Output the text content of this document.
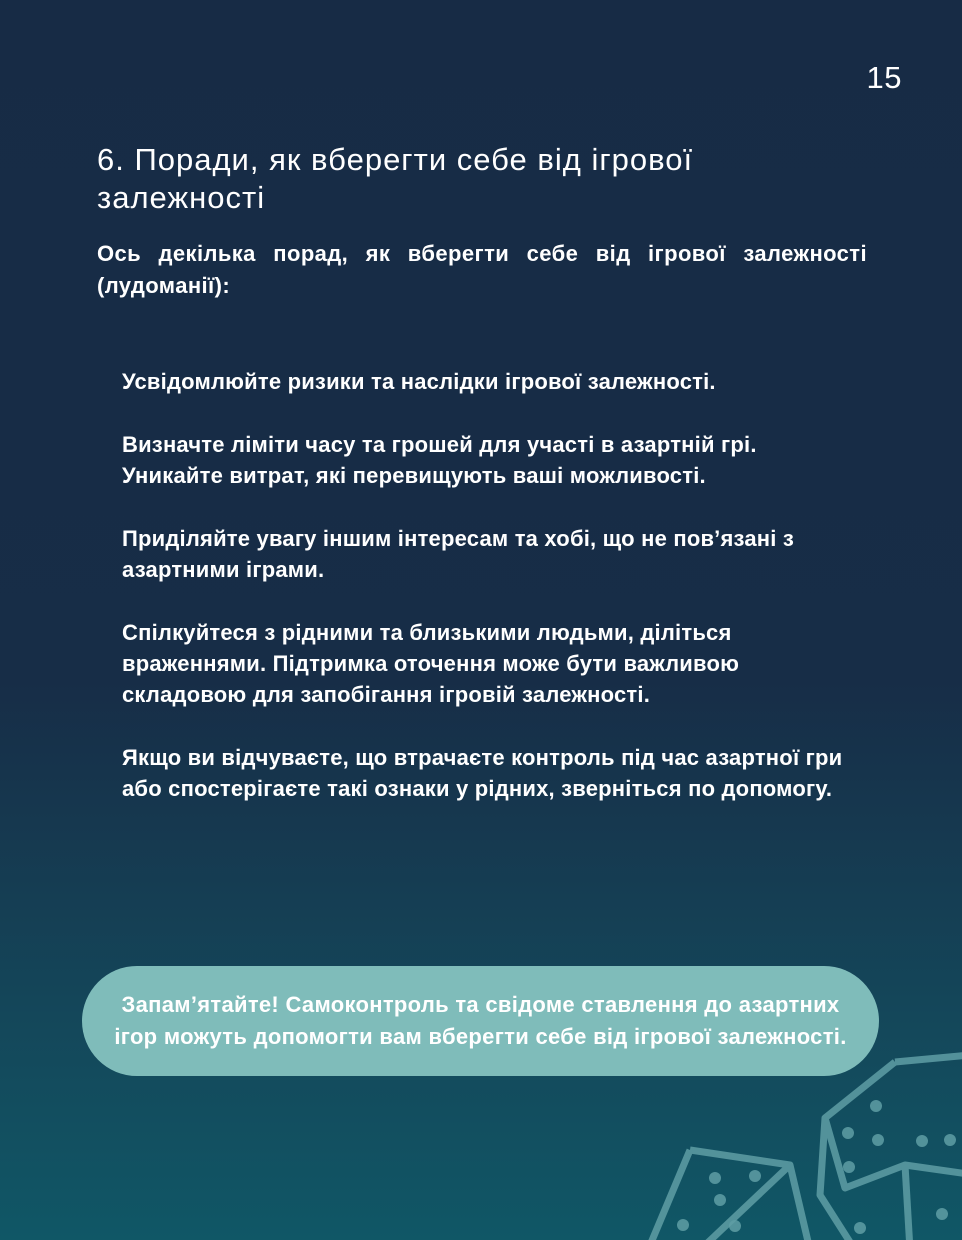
15
6. Поради, як вберегти себе від ігрової залежності

Ось декілька порад, як вберегти себе від ігрової залежності (лудоманії):

Усвідомлюйте ризики та наслідки ігрової залежності.
Визначте ліміти часу та грошей для участі в азартній грі. Уникайте витрат, які перевищують ваші можливості.
Приділяйте увагу іншим інтересам та хобі, що не пов’язані з азартними іграми.
Спілкуйтеся з рідними та близькими людьми, діліться враженнями. Підтримка оточення може бути важливою складовою для запобігання ігровій залежності.
Якщо ви відчуваєте, що втрачаєте контроль під час азартної гри або спостерігаєте такі ознаки у рідних, зверніться по допомогу.
Запам’ятайте! Самоконтроль та свідоме ставлення до азартних ігор можуть допомогти вам вберегти себе від ігрової залежності.
